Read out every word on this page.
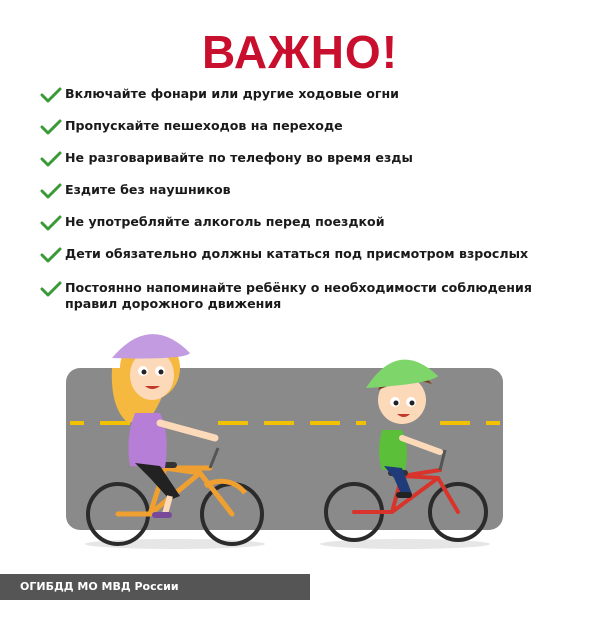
ВАЖНО!
Включайте фонари или другие ходовые огни
Пропускайте пешеходов на переходе
Не разговаривайте по телефону во время езды
Ездите без наушников
Не употребляйте алкоголь перед поездкой
Дети обязательно должны кататься под присмотром взрослых
Постоянно напоминайте ребёнку о необходимости соблюдения правил дорожного движения
ОГИБДД МО МВД России "Полярнозоринский"
